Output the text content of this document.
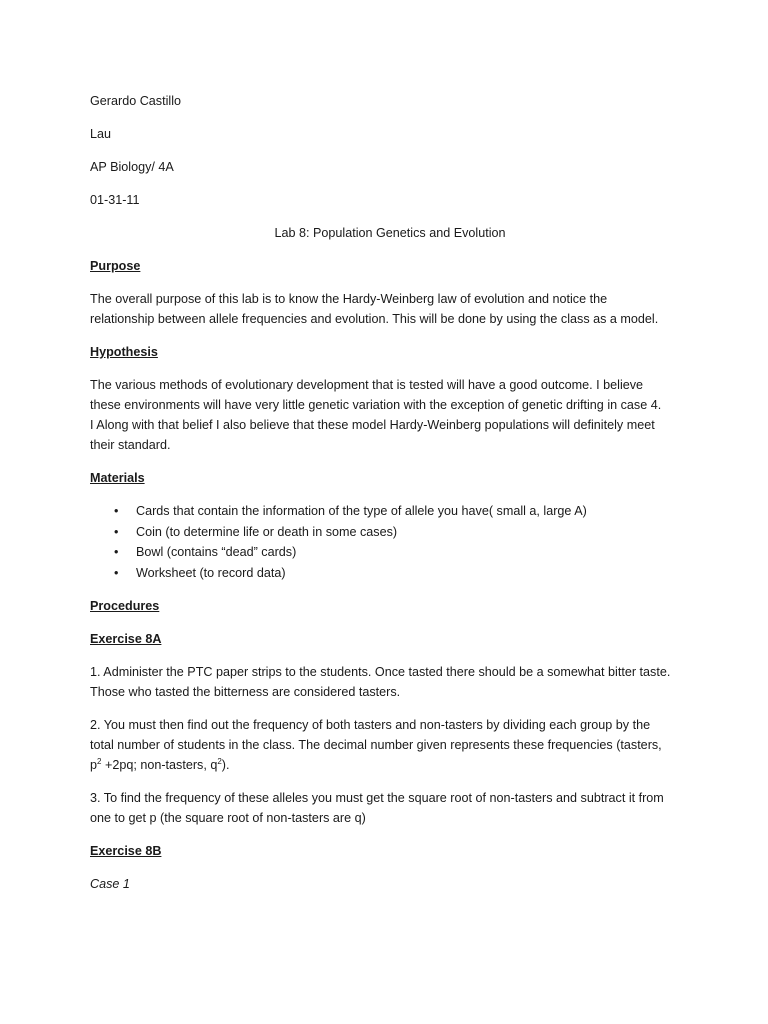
Gerardo Castillo

Lau

AP Biology/ 4A

01-31-11

Lab 8: Population Genetics and Evolution

Purpose

The overall purpose of this lab is to know the Hardy-Weinberg law of evolution and notice the

relationship between allele frequencies and evolution. This will be done by using the class as a model.

Hypothesis

The various methods of evolutionary development that is tested will have a good outcome. I believe

these environments will have very little genetic variation with the exception of genetic drifting in case 4.

I Along with that belief I also believe that these model Hardy-Weinberg populations will definitely meet

their standard.

Materials

• Cards that contain the information of the type of allele you have( small a, large A)
• Coin (to determine life or death in some cases)
• Bowl (contains “dead” cards)
• Worksheet (to record data)

Procedures

Exercise 8A

1. Administer the PTC paper strips to the students. Once tasted there should be a somewhat bitter taste.

Those who tasted the bitterness are considered tasters.

2. You must then find out the frequency of both tasters and non-tasters by dividing each group by the

total number of students in the class. The decimal number given represents these frequencies (tasters,

$p^2 +2pq$; non-tasters, $q^2$).

3. To find the frequency of these alleles you must get the square root of non-tasters and subtract it from

one to get p (the square root of non-tasters are q)

Exercise 8B

Case 1
